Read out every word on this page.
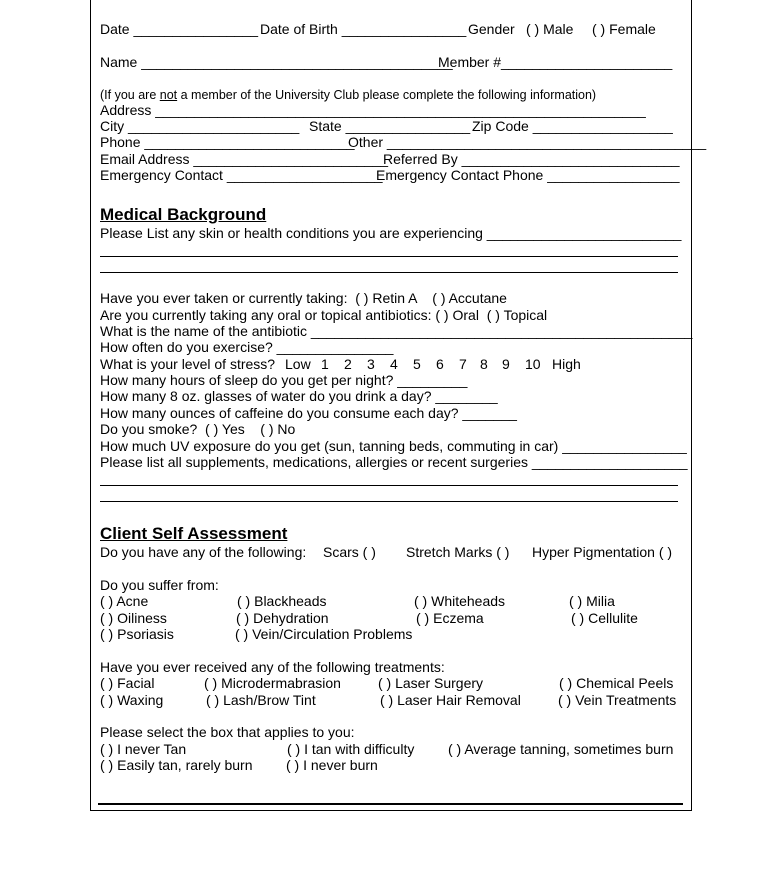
Date ________________ Date of Birth ________________ Gender ( ) Male ( ) Female
Name ________________________________________
Member #______________________
(If you are not a member of the University Club please complete the following information)
Address _______________________________________________________________
City ______________________ State ________________ Zip Code __________________
Phone ___________________________
Other _________________________________________
Email Address _________________________
Referred By ____________________________
Emergency Contact ____________________
Emergency Contact Phone _________________
Medical Background
Please List any skin or health conditions you are experiencing _________________________
Have you ever taken or currently taking:  ( ) Retin A    ( ) Accutane
Are you currently taking any oral or topical antibiotics: ( ) Oral  ( ) Topical
What is the name of the antibiotic _________________________________________________
How often do you exercise? _______________
What is your level of stress? Low 1 2 3 4 5 6 7 8 9 10 High
How many hours of sleep do you get per night? _________
How many 8 oz. glasses of water do you drink a day? ________
How many ounces of caffeine do you consume each day? _______
Do you smoke?  ( ) Yes    ( ) No
How much UV exposure do you get (sun, tanning beds, commuting in car) ________________
Please list all supplements, medications, allergies or recent surgeries ____________________
Client Self Assessment
Do you have any of the following: Scars ( ) Stretch Marks ( ) Hyper Pigmentation ( )
Do you suffer from:
( ) Acne	( ) Blackheads	( ) Whiteheads	( ) Milia
( ) Oiliness	( ) Dehydration	( ) Eczema	( ) Cellulite
( ) Psoriasis	( ) Vein/Circulation Problems
Have you ever received any of the following treatments:
( ) Facial	( ) Microdermabrasion	( ) Laser Surgery	( ) Chemical Peels
( ) Waxing	( ) Lash/Brow Tint	( ) Laser Hair Removal	( ) Vein Treatments
Please select the box that applies to you:
( ) I never Tan	( ) I tan with difficulty ( ) Average tanning, sometimes burn
( ) Easily tan, rarely burn ( ) I never burn
